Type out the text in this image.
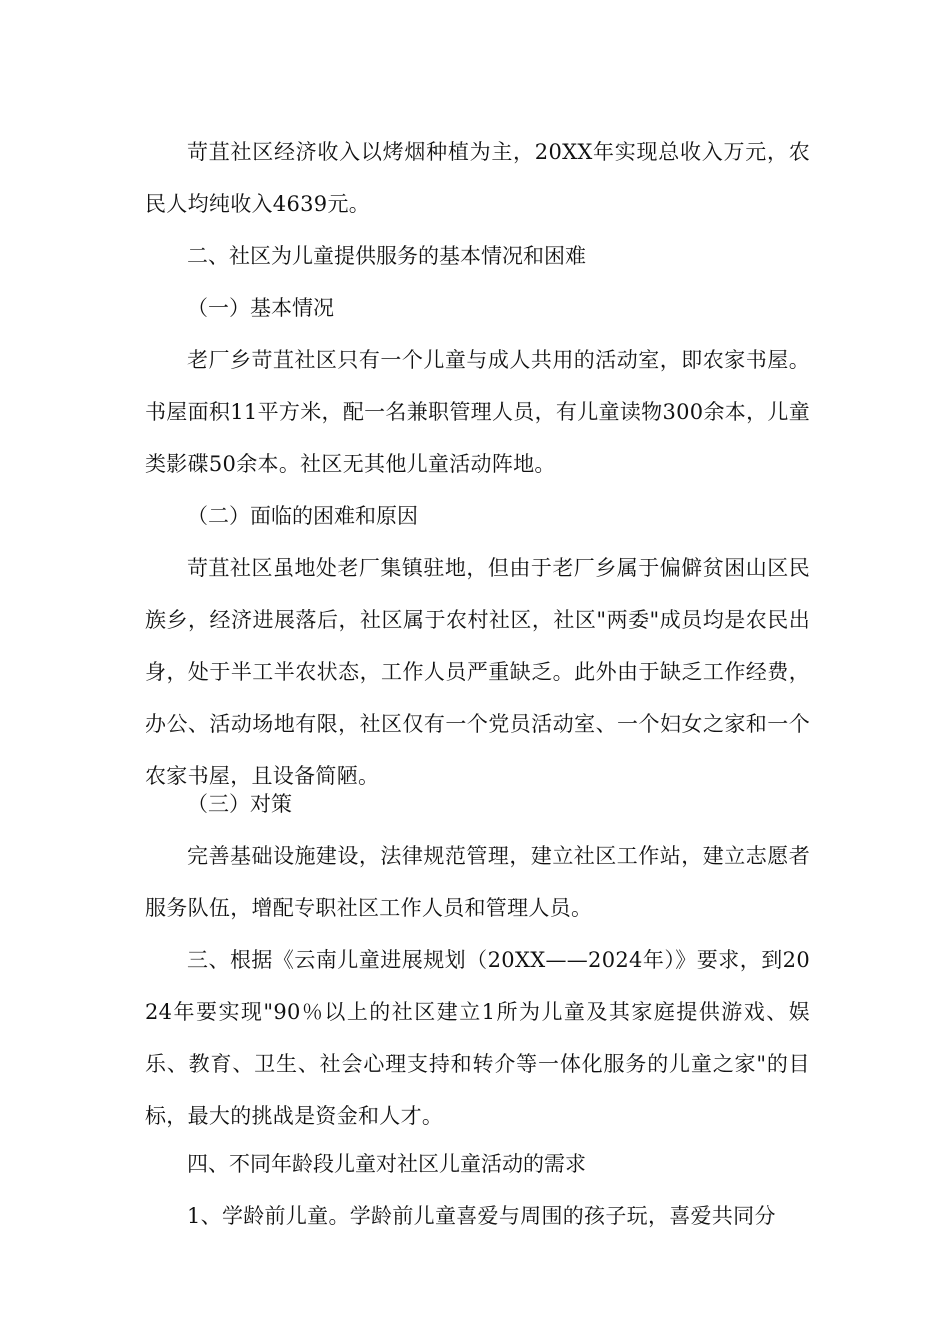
苛苴社区经济收入以烤烟种植为主，20XX年实现总收入万元，农民人均纯收入4639元。

二、社区为儿童提供服务的基本情况和困难

（一）基本情况

老厂乡苛苴社区只有一个儿童与成人共用的活动室，即农家书屋。书屋面积11平方米，配一名兼职管理人员，有儿童读物300余本，儿童类影碟50余本。社区无其他儿童活动阵地。

（二）面临的困难和原因

苛苴社区虽地处老厂集镇驻地，但由于老厂乡属于偏僻贫困山区民族乡，经济进展落后，社区属于农村社区，社区"两委"成员均是农民出身，处于半工半农状态，工作人员严重缺乏。此外由于缺乏工作经费，办公、活动场地有限，社区仅有一个党员活动室、一个妇女之家和一个农家书屋，且设备简陋。

（三）对策

完善基础设施建设，法律规范管理，建立社区工作站，建立志愿者服务队伍，增配专职社区工作人员和管理人员。

三、根据《云南儿童进展规划（20XX——2024年）》要求，到2024年要实现"90％以上的社区建立1所为儿童及其家庭提供游戏、娱乐、教育、卫生、社会心理支持和转介等一体化服务的儿童之家"的目标，最大的挑战是资金和人才。

四、不同年龄段儿童对社区儿童活动的需求

1、学龄前儿童。学龄前儿童喜爱与周围的孩子玩，喜爱共同分
